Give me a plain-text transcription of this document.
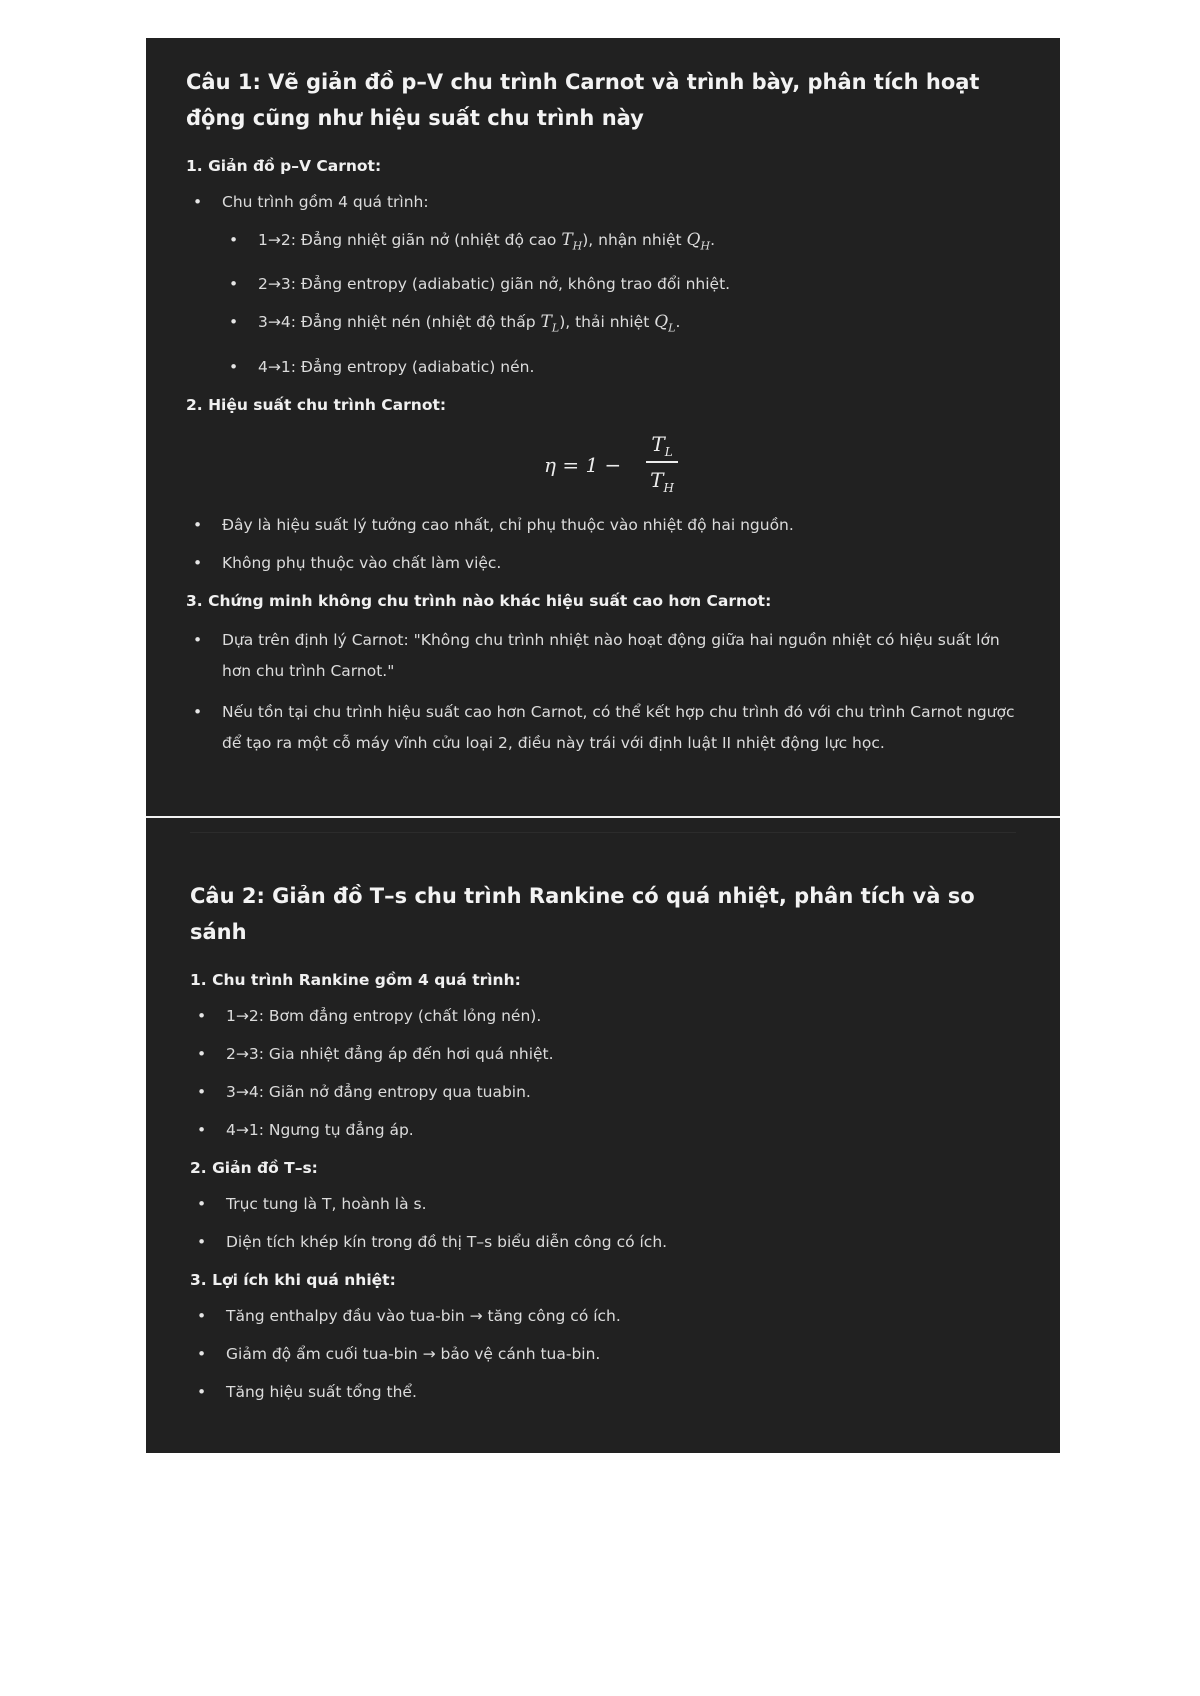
Câu 1: Vẽ giản đồ p–V chu trình Carnot và trình bày, phân tích hoạt động cũng như hiệu suất chu trình này
1. Giản đồ p–V Carnot:
• Chu trình gồm 4 quá trình:
• 1→2: Đẳng nhiệt giãn nở (nhiệt độ cao $T_H$), nhận nhiệt $Q_H$.
• 2→3: Đẳng entropy (adiabatic) giãn nở, không trao đổi nhiệt.
• 3→4: Đẳng nhiệt nén (nhiệt độ thấp $T_L$), thải nhiệt $Q_L$.
• 4→1: Đẳng entropy (adiabatic) nén.
2. Hiệu suất chu trình Carnot:
η = 1 −
$T_L$
$T_H$
• Đây là hiệu suất lý tưởng cao nhất, chỉ phụ thuộc vào nhiệt độ hai nguồn.
• Không phụ thuộc vào chất làm việc.
3. Chứng minh không chu trình nào khác hiệu suất cao hơn Carnot:
• Dựa trên định lý Carnot: "Không chu trình nhiệt nào hoạt động giữa hai nguồn nhiệt có hiệu suất lớn hơn chu trình Carnot."
• Nếu tồn tại chu trình hiệu suất cao hơn Carnot, có thể kết hợp chu trình đó với chu trình Carnot ngược để tạo ra một cỗ máy vĩnh cửu loại 2, điều này trái với định luật II nhiệt động lực học.
Câu 2: Giản đồ T–s chu trình Rankine có quá nhiệt, phân tích và so sánh
1. Chu trình Rankine gồm 4 quá trình:
• 1→2: Bơm đẳng entropy (chất lỏng nén).
• 2→3: Gia nhiệt đẳng áp đến hơi quá nhiệt.
• 3→4: Giãn nở đẳng entropy qua tuabin.
• 4→1: Ngưng tụ đẳng áp.
2. Giản đồ T–s:
• Trục tung là T, hoành là s.
• Diện tích khép kín trong đồ thị T–s biểu diễn công có ích.
3. Lợi ích khi quá nhiệt:
• Tăng enthalpy đầu vào tua-bin → tăng công có ích.
• Giảm độ ẩm cuối tua-bin → bảo vệ cánh tua-bin.
• Tăng hiệu suất tổng thể.
